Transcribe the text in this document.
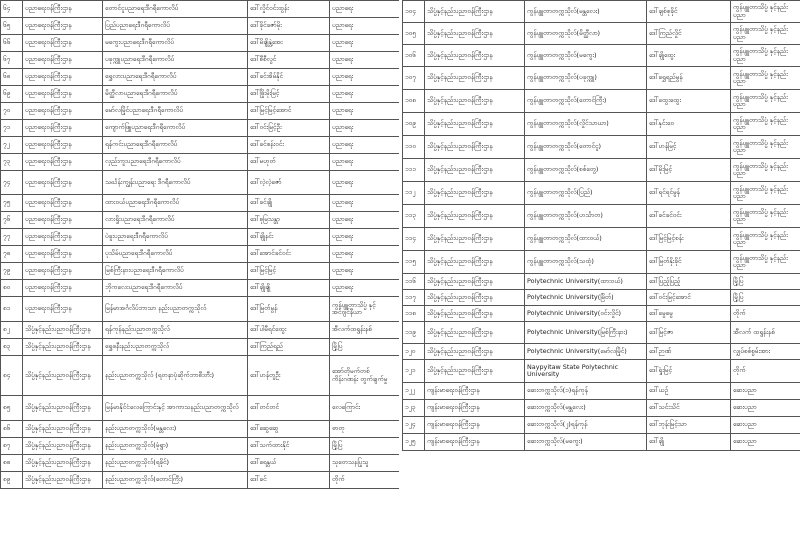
၆၄	ပညာရေးဝန်ကြီးဌာန	တောင်ငူပညာရေးဒီဂရီကောလိပ်	ဒေါ်လှိုင်ဝင်းထွန်း	ပညာရေး
၆၅	ပညာရေးဝန်ကြီးဌာန	ပြည်ပညာရေးဒီဂရီကောလိပ်	ဒေါ်ခိုင်ဇော်မိုး	ပညာရေး
၆၆	ပညာရေးဝန်ကြီးဌာန	မကွေးပညာရေးဒီဂရီကောလိပ်	ဒေါ်မိချိုနွဲ့အေး	ပညာရေး
၆၇	ပညာရေးဝန်ကြီးဌာန	ပခုက္ကူပညာရေးဒီဂရီကောလိပ်	ဒေါ်စီစီလွင်	ပညာရေး
၆၈	ပညာရေးဝန်ကြီးဌာန	ရွှေလားပညာရေးဒီဂရီကောလိပ်	ဒေါ်ခင်အိမ်နိုင်	ပညာရေး
၆၉	ပညာရေးဝန်ကြီးဌာန	မိတ္ထီလာပညာရေးဒီဂရီကောလိပ်	ဒေါ်ဖြိုးမိုးမြင့်	ပညာရေး
၇၀	ပညာရေးဝန်ကြီးဌာန	မော်လမြိုင်ပညာရေးဒီဂရီကောလိပ်	ဒေါ်မြင့်မြင့်အောင်	ပညာရေး
၇၁	ပညာရေးဝန်ကြီးဌာန	ကျောက်ဖြူပညာရေးဒီဂရီကောလိပ်	ဒေါ်ဝင်းမြင့်ဦး	ပညာရေး
၇၂	ပညာရေးဝန်ကြီးဌာန	ရန်ကင်းပညာရေးဒီဂရီကောလိပ်	ဒေါ်ခင်စန်းဝင်း	ပညာရေး
၇၃	ပညာရေးဝန်ကြီးဌာန	လှည်းကူးပညာရေးဒီဂရီကောလိပ်	ဒေါ်မဟုတ်	ပညာရေး
၇၄	ပညာရေးဝန်ကြီးဌာန	သင်္ဃန်းကျွန်းပညာရေး ဒီဂရီကောလိပ်	ဒေါ်လဲ့လဲ့ဇော်	ပညာရေး
၇၅	ပညာရေးဝန်ကြီးဌာန	ထားဝယ်ပညာရေးဒီဂရီကောလိပ်	ဒေါ်ခင်ချို	ပညာရေး
၇၆	ပညာရေးဝန်ကြီးဌာန	လားရှိုးပညာရေးဒီဂရီကောလိပ်	ဒေါ်စုမြသန္တာ	ပညာရေး
၇၇	ပညာရေးဝန်ကြီးဌာန	ပဲခူးပညာရေးဒီဂရီကောလိပ်	ဒေါ်ချိုနင်း	ပညာရေး
၇၈	ပညာရေးဝန်ကြီးဌာန	ပုသိမ်ပညာရေးဒီဂရီကောလိပ်	ဒေါ်အောင်ခင်ဝင်း	ပညာရေး
၇၉	ပညာရေးဝန်ကြီးဌာန	မြစ်ကြီးနားပညာရေးဒီဂရီကောလိပ်	ဒေါ်မြင့်မြင့်	ပညာရေး
၈၀	ပညာရေးဝန်ကြီးဌာန	ဘိုကလေးပညာရေးဒီဂရီကောလိပ်	ဒေါ်ချိုချို	ပညာရေး
၈၁	ပညာရေးဝန်ကြီးဌာန	မြန်မာအင်္ဂလိပ်ဘာသာ နည်းပညာတက္ကသိုလ်	ဒေါ်မြတ်မွန်	ကွန်ပျူတာသိပ္ပံ နှင့်အင်ဂျင်နီယာ
၈၂	သိပ္ပံနှင့်နည်းပညာဝန်ကြီးဌာန	ရန်ကုန်နည်းပညာတက္ကသိုလ်	ဒေါ်ပါမီရင်ထွေး	အီလက်ထရွန်းနစ်
၈၃	သိပ္ပံနှင့်နည်းပညာဝန်ကြီးဌာန	ရွှေဖနီးနည်းပညာတက္ကသိုလ်	ဒေါ်ကြည်ရည်	မြို့ပြ
၈၄	သိပ္ပံနှင့်နည်းပညာဝန်ကြီးဌာန	နည်းပညာတက္ကသိုလ် (ရတနာပုံဆိုက်ဘာစီးတီး)	ဒေါ်ဟန်တူဦး	အော်တိုမက်တစ် ကိန်းဂဏန်း တွက်ချက်မှု
၈၅	သိပ္ပံနှင့်နည်းပညာဝန်ကြီးဌာန	မြန်မာနိုင်ငံလေကြောင်းနှင့် အာကာသနည်းပညာတက္ကသိုလ်	ဒေါ်တင်တင်	လေကြောင်း
၈၆	သိပ္ပံနှင့်နည်းပညာဝန်ကြီးဌာန	နည်းပညာတက္ကသိုလ်(မန္တလေး)	ဒေါ်ဆွေဆွေ	ဓာတု
၈၇	သိပ္ပံနှင့်နည်းပညာဝန်ကြီးဌာန	နည်းပညာတက္ကသိုလ်(မုံရွာ)	ဒေါ်သက်ထားနိုင်	မြို့ပြ
၈၈	သိပ္ပံနှင့်နည်းပညာဝန်ကြီးဌာန	နည်းပညာတက္ကသိုလ်(ရခိုင်)	ဒေါ်ရေနွယ်	သုတေသနပြုသူ
၈၉	သိပ္ပံနှင့်နည်းပညာဝန်ကြီးဌာန	နည်းပညာတက္ကသိုလ်(တောင်ကြီး)	ဒေါ်ခင်	တိုက်
၁၀၄	သိပ္ပံနှင့်နည်းပညာဝန်ကြီးဌာန	ကွန်ပျူတာတက္ကသိုလ်(မန္တလေး)	ဒေါ်ချစ်စုခိုင်	ကွန်ပျူတာသိပ္ပံ နှင့်နည်းပညာ
၁၀၅	သိပ္ပံနှင့်နည်းပညာဝန်ကြီးဌာန	ကွန်ပျူတာတက္ကသိုလ်(မိတ္ထီလာ)	ဒေါ်ကြည်လှိုင်	ကွန်ပျူတာသိပ္ပံ နှင့်နည်းပညာ
၁၀၆	သိပ္ပံနှင့်နည်းပညာဝန်ကြီးဌာန	ကွန်ပျူတာတက္ကသိုလ်(မကွေး)	ဒေါ်ချိုထွေး	ကွန်ပျူတာသိပ္ပံ နှင့်နည်းပညာ
၁၀၇	သိပ္ပံနှင့်နည်းပညာဝန်ကြီးဌာန	ကွန်ပျူတာတက္ကသိုလ်(ပခုက္ကူ)	ဒေါ်ရွှေရည်မွန်	ကွန်ပျူတာသိပ္ပံ နှင့်နည်းပညာ
၁၀၈	သိပ္ပံနှင့်နည်းပညာဝန်ကြီးဌာန	ကွန်ပျူတာတက္ကသိုလ်(တောင်ကြီး)	ဒေါ်ထွေးထွေး	ကွန်ပျူတာသိပ္ပံ နှင့်နည်းပညာ
၁၀၉	သိပ္ပံနှင့်နည်းပညာဝန်ကြီးဌာန	ကွန်ပျူတာတက္ကသိုလ်(လှိုင်သာယာ)	ဒေါ်နှင်းဝေ	ကွန်ပျူတာသိပ္ပံ နှင့်နည်းပညာ
၁၁၀	သိပ္ပံနှင့်နည်းပညာဝန်ကြီးဌာန	ကွန်ပျူတာတက္ကသိုလ်(တောင်ငူ)	ဒေါ်ဟန်မြင့်	ကွန်ပျူတာသိပ္ပံ နှင့်နည်းပညာ
၁၁၁	သိပ္ပံနှင့်နည်းပညာဝန်ကြီးဌာန	ကွန်ပျူတာတက္ကသိုလ်(စစ်တွေ)	ဒေါ်မိုးမြင့်	ကွန်ပျူတာသိပ္ပံ နှင့်နည်းပညာ
၁၁၂	သိပ္ပံနှင့်နည်းပညာဝန်ကြီးဌာန	ကွန်ပျူတာတက္ကသိုလ်(ပြည်)	ဒေါ်ရင်ရင်မွန်	ကွန်ပျူတာသိပ္ပံ နှင့်နည်းပညာ
၁၁၃	သိပ္ပံနှင့်နည်းပညာဝန်ကြီးဌာန	ကွန်ပျူတာတက္ကသိုလ်(ဟင်္သာတ)	ဒေါ်ခင်ခင်ဝင်း	ကွန်ပျူတာသိပ္ပံ နှင့်နည်းပညာ
၁၁၄	သိပ္ပံနှင့်နည်းပညာဝန်ကြီးဌာန	ကွန်ပျူတာတက္ကသိုလ်(ထားဝယ်)	ဒေါ်မြင့်မြင့်စန်း	ကွန်ပျူတာသိပ္ပံ နှင့်နည်းပညာ
၁၁၅	သိပ္ပံနှင့်နည်းပညာဝန်ကြီးဌာန	ကွန်ပျူတာတက္ကသိုလ်(သထုံ)	ဒေါ်မြတ်နိုးခိုင်	ကွန်ပျူတာသိပ္ပံ နှင့်နည်းပညာ
၁၁၆	သိပ္ပံနှင့်နည်းပညာဝန်ကြီးဌာန	Polytechnic University(ထားဝယ်)	ဒေါ်ပြည့်ပြည့်	မြို့ပြ
၁၁၇	သိပ္ပံနှင့်နည်းပညာဝန်ကြီးဌာန	Polytechnic University(မြိတ်)	ဒေါ်ဝင်းမြင့်အောင်	မြို့ပြ
၁၁၈	သိပ္ပံနှင့်နည်းပညာဝန်ကြီးဌာန	Polytechnic University(ဝင်းလှိုင်)	ဒေါ်မွေမွေ	တိုက်
၁၁၉	သိပ္ပံနှင့်နည်းပညာဝန်ကြီးဌာန	Polytechnic University(မြစ်ကြီးနား)	ဒေါ်မြင့်ဇာ	အီလက် ထရွန်းနစ်
၁၂၀	သိပ္ပံနှင့်နည်းပညာဝန်ကြီးဌာန	Polytechnic University(မော်လမြိုင်)	ဒေါ်ဉာဏ်	လျှပ်စစ်စွမ်းအား
၁၂၁	သိပ္ပံနှင့်နည်းပညာဝန်ကြီးဌာန	Naypyitaw State Polytechnic University	ဒေါ်ရှုံးမြင့်	တိုက်
၁၂၂	ကျန်းမာရေးဝန်ကြီးဌာန	ဆေးတက္ကသိုလ်(၁)ရန်ကုန်	ဒေါ်ယဉ်	ဆေးပညာ
၁၂၃	ကျန်းမာရေးဝန်ကြီးဌာန	ဆေးတက္ကသိုလ်(မန္တလေး)	ဒေါ်သင်းသိင်	ဆေးပညာ
၁၂၄	ကျန်းမာရေးဝန်ကြီးဌာန	ဆေးတက္ကသိုလ်(၂)ရန်ကုန်	ဒေါ်ဘုန်းမြင့်သာ	ဆေးပညာ
၁၂၅	ကျန်းမာရေးဝန်ကြီးဌာန	ဆေးတက္ကသိုလ်(မကွေး)	ဒေါ်ချို	ဆေးပညာ
